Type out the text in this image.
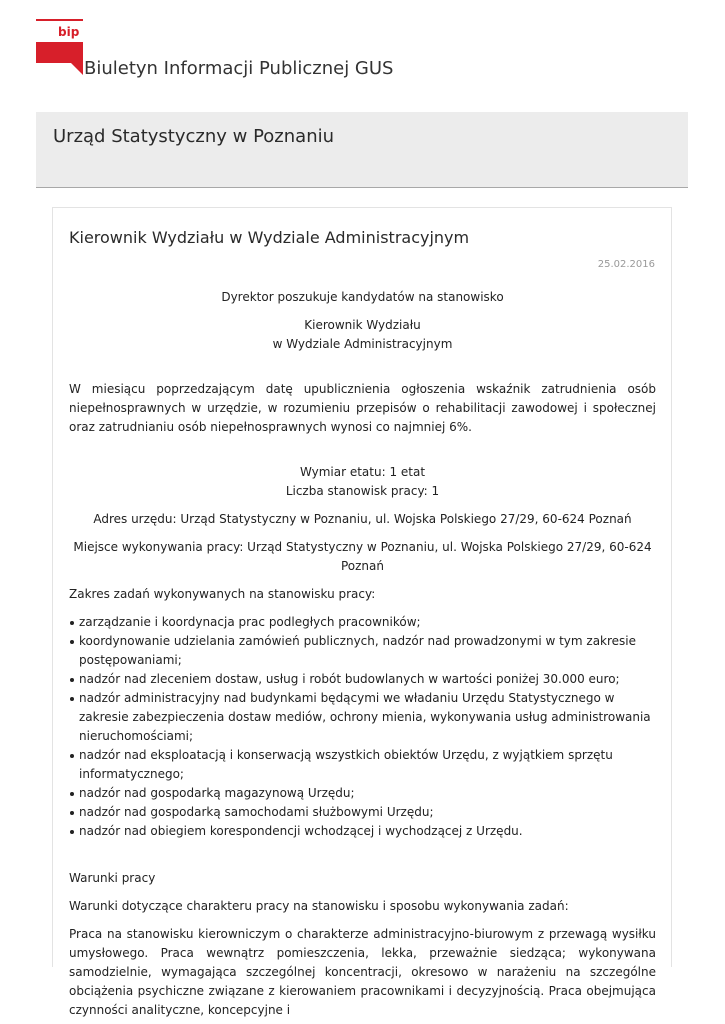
bip
Biuletyn Informacji Publicznej GUS
Urząd Statystyczny w Poznaniu
Kierownik Wydziału w Wydziale Administracyjnym
25.02.2016

Dyrektor poszukuje kandydatów na stanowisko

Kierownik Wydziału
w Wydziale Administracyjnym

W miesiącu poprzedzającym datę upublicznienia ogłoszenia wskaźnik zatrudnienia osób niepełnosprawnych w urzędzie, w rozumieniu przepisów o rehabilitacji zawodowej i społecznej oraz zatrudnianiu osób niepełnosprawnych wynosi co najmniej 6%.

Wymiar etatu: 1 etat
Liczba stanowisk pracy: 1

Adres urzędu: Urząd Statystyczny w Poznaniu, ul. Wojska Polskiego 27/29, 60-624 Poznań

Miejsce wykonywania pracy: Urząd Statystyczny w Poznaniu, ul. Wojska Polskiego 27/29, 60-624 Poznań

Zakres zadań wykonywanych na stanowisku pracy:

zarządzanie i koordynacja prac podległych pracowników;
koordynowanie udzielania zamówień publicznych, nadzór nad prowadzonymi w tym zakresie postępowaniami;
nadzór nad zleceniem dostaw, usług i robót budowlanych w wartości poniżej 30.000 euro;
nadzór administracyjny nad budynkami będącymi we władaniu Urzędu Statystycznego w zakresie zabezpieczenia dostaw mediów, ochrony mienia, wykonywania usług administrowania nieruchomościami;
nadzór nad eksploatacją i konserwacją wszystkich obiektów Urzędu, z wyjątkiem sprzętu informatycznego;
nadzór nad gospodarką magazynową Urzędu;
nadzór nad gospodarką samochodami służbowymi Urzędu;
nadzór nad obiegiem korespondencji wchodzącej i wychodzącej z Urzędu.

Warunki pracy

Warunki dotyczące charakteru pracy na stanowisku i sposobu wykonywania zadań:

Praca na stanowisku kierowniczym o charakterze administracyjno-biurowym z przewagą wysiłku umysłowego. Praca wewnątrz pomieszczenia, lekka, przeważnie siedząca; wykonywana samodzielnie, wymagająca szczególnej koncentracji, okresowo w narażeniu na szczególne obciążenia psychiczne związane z kierowaniem pracownikami i decyzyjnością. Praca obejmująca czynności analityczne, koncepcyjne i
